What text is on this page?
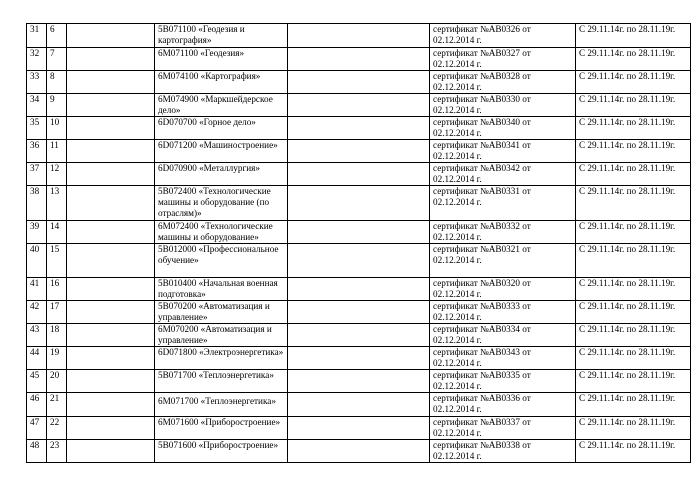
31	6		5В071100 «Геодезия и картография»		сертификат №АВ0326 от 02.12.2014 г.	С 29.11.14г. по 28.11.19г.
32	7		6М071100 «Геодезия»		сертификат №АВ0327 от 02.12.2014 г.	С 29.11.14г. по 28.11.19г.
33	8		6М074100 «Картография»		сертификат №АВ0328 от 02.12.2014 г.	С 29.11.14г. по 28.11.19г.
34	9		6М074900 «Маркшейдерское дело»		сертификат №АВ0330 от 02.12.2014 г.	С 29.11.14г. по 28.11.19г.
35	10		6D070700 «Горное дело»		сертификат №АВ0340 от 02.12.2014 г.	С 29.11.14г. по 28.11.19г.
36	11		6D071200 «Машиностроение»		сертификат №АВ0341 от 02.12.2014 г.	С 29.11.14г. по 28.11.19г.
37	12		6D070900 «Металлургия»		сертификат №АВ0342 от 02.12.2014 г.	С 29.11.14г. по 28.11.19г.
38	13		5В072400 «Технологические машины и оборудование (по отраслям)»		сертификат №АВ0331 от 02.12.2014 г.	С 29.11.14г. по 28.11.19г.
39	14		6М072400 «Технологические машины и оборудование»		сертификат №АВ0332 от 02.12.2014 г.	С 29.11.14г. по 28.11.19г.
40	15		5В012000 «Профессиональное обучение»		сертификат №АВ0321 от 02.12.2014 г.	С 29.11.14г. по 28.11.19г.
41	16		5В010400 «Начальная военная подготовка»		сертификат №АВ0320 от 02.12.2014 г.	С 29.11.14г. по 28.11.19г.
42	17		5В070200 «Автоматизация и управление»		сертификат №АВ0333 от 02.12.2014 г.	С 29.11.14г. по 28.11.19г.
43	18		6М070200 «Автоматизация и управление»		сертификат №АВ0334 от 02.12.2014 г.	С 29.11.14г. по 28.11.19г.
44	19		6D071800 «Электроэнергетика»		сертификат №АВ0343 от 02.12.2014 г.	С 29.11.14г. по 28.11.19г.
45	20		5В071700 «Теплоэнергетика»		сертификат №АВ0335 от 02.12.2014 г.	С 29.11.14г. по 28.11.19г.
46	21		6М071700 «Теплоэнергетика»		сертификат №АВ0336 от 02.12.2014 г.	С 29.11.14г. по 28.11.19г.
47	22		6М071600 «Приборостроение»		сертификат №АВ0337 от 02.12.2014 г.	С 29.11.14г. по 28.11.19г.
48	23		5В071600 «Приборостроение»		сертификат №АВ0338 от 02.12.2014 г.	С 29.11.14г. по 28.11.19г.
